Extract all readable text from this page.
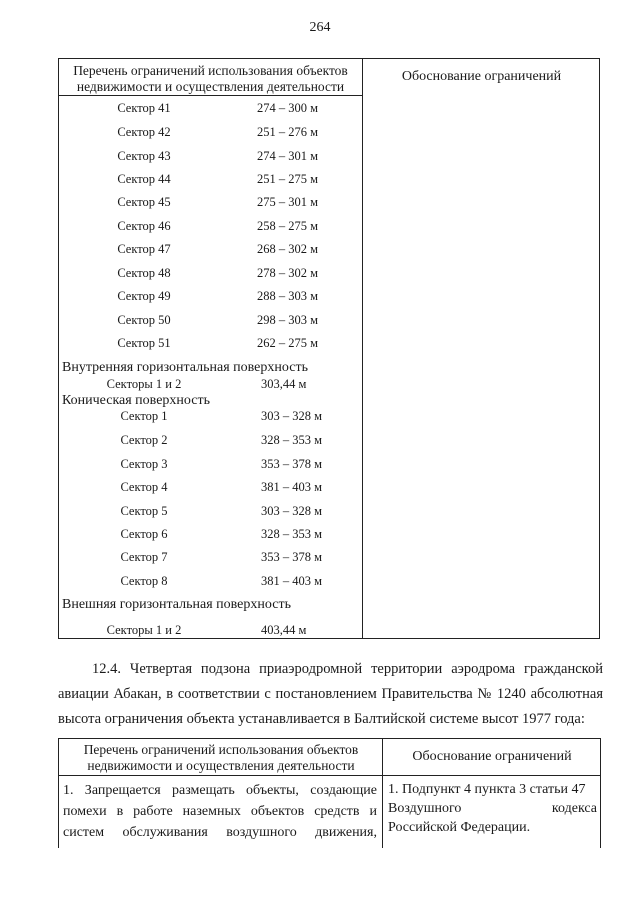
264
Перечень ограничений использования объектов
недвижимости и осуществления деятельности
Обоснование ограничений
Сектор 41	274 – 300 м
Сектор 42	251 – 276 м
Сектор 43	274 – 301 м
Сектор 44	251 – 275 м
Сектор 45	275 – 301 м
Сектор 46	258 – 275 м
Сектор 47	268 – 302 м
Сектор 48	278 – 302 м
Сектор 49	288 – 303 м
Сектор 50	298 – 303 м
Сектор 51	262 – 275 м
Внутренняя горизонтальная поверхность
Секторы 1 и 2	303,44 м
Коническая поверхность
Сектор 1	303 – 328 м
Сектор 2	328 – 353 м
Сектор 3	353 – 378 м
Сектор 4	381 – 403 м
Сектор 5	303 – 328 м
Сектор 6	328 – 353 м
Сектор 7	353 – 378 м
Сектор 8	381 – 403 м
Внешняя горизонтальная поверхность
Секторы 1 и 2	403,44 м
12.4. Четвертая подзона приаэродромной территории аэродрома гражданской
авиации Абакан, в соответствии с постановлением Правительства № 1240 абсолютная
высота ограничения объекта устанавливается в Балтийской системе высот 1977 года:
Перечень ограничений использования объектов
недвижимости и осуществления деятельности
Обоснование ограничений
1. Запрещается размещать объекты, создающие
помехи в работе наземных объектов средств и
систем обслуживания воздушного движения,
1. Подпункт 4 пункта 3 статьи 47
Воздушного кодекса
Российской Федерации.
